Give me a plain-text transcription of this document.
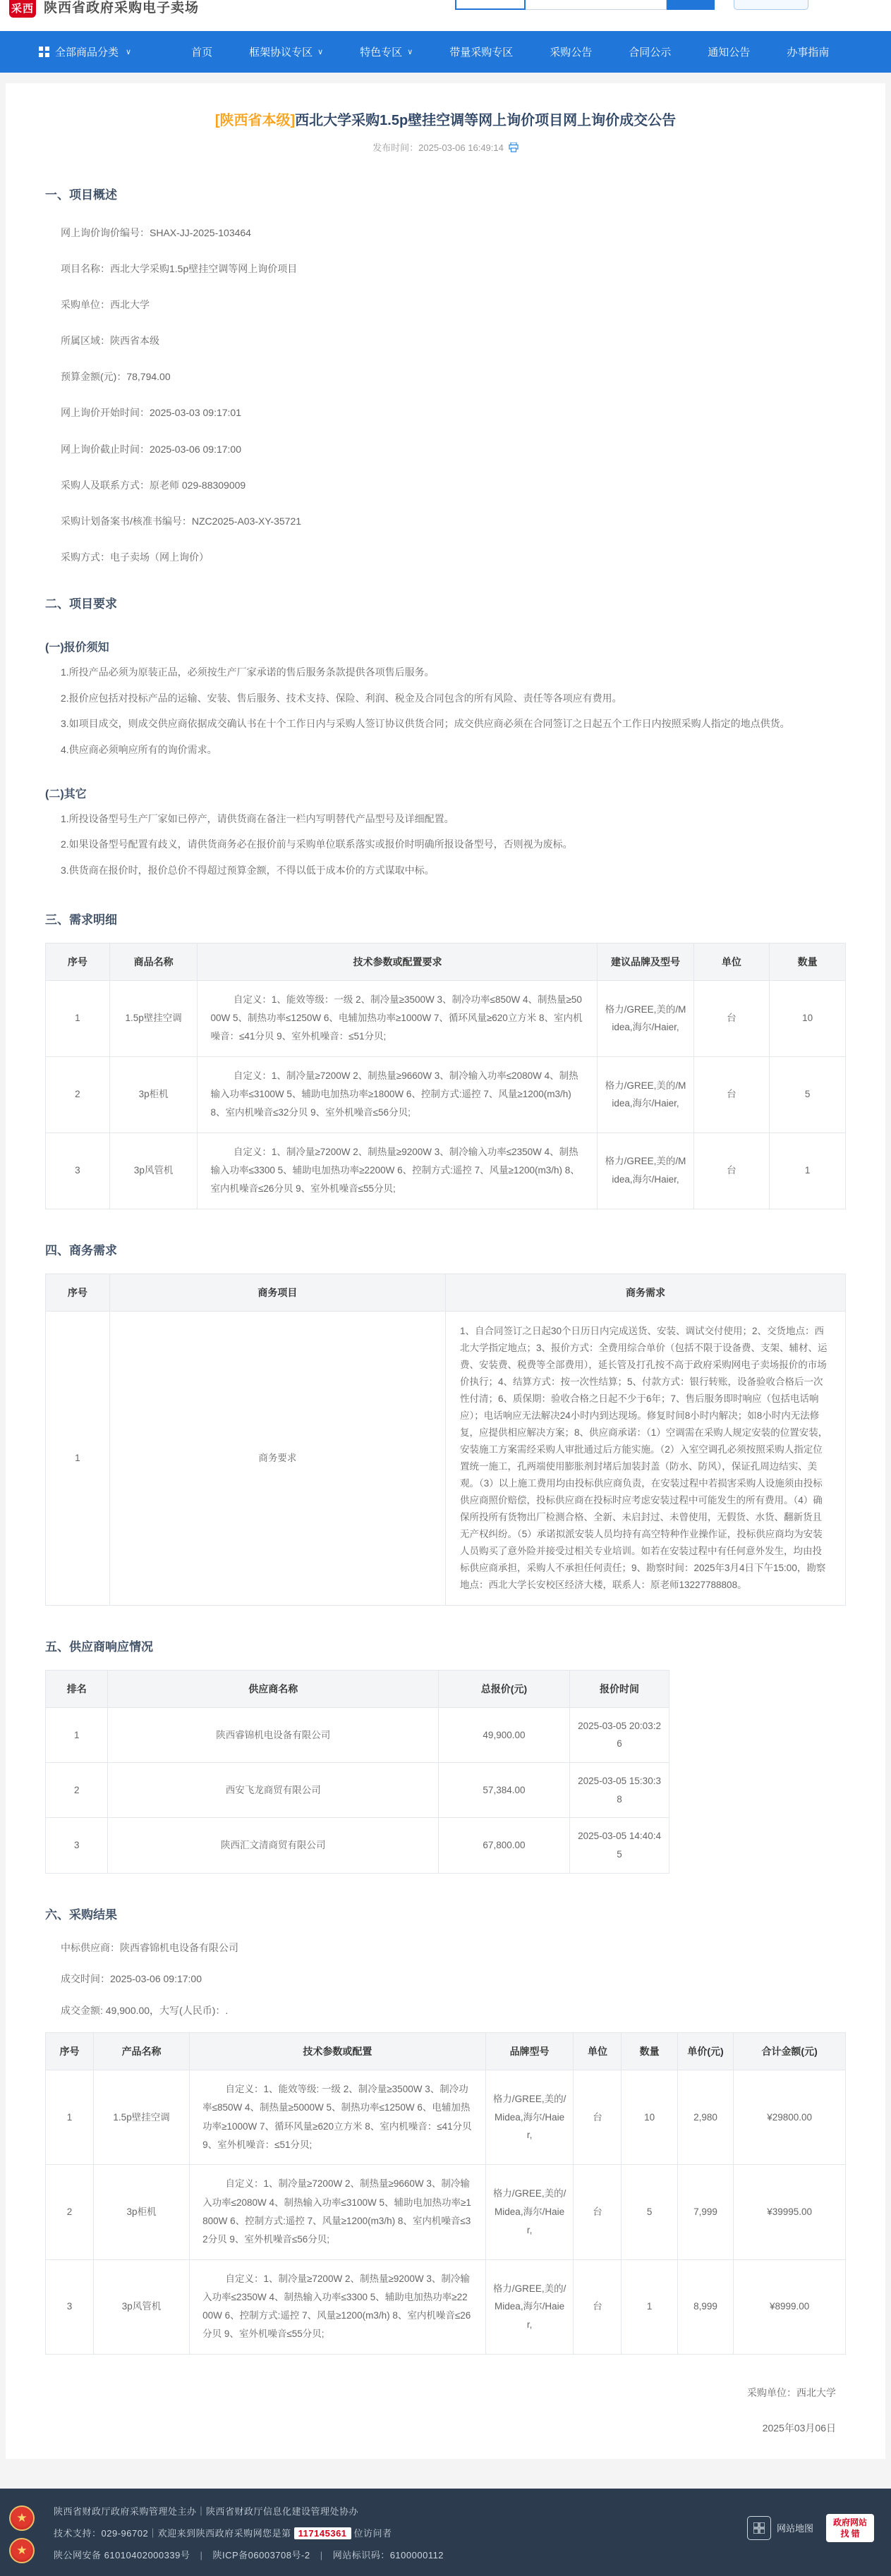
采西 陕西省政府采购电子卖场
全部商品分类 ∨	首页	框架协议专区 ∨	特色专区 ∨	带量采购专区	采购公告	合同公示	通知公告	办事指南
[陕西省本级]西北大学采购1.5p壁挂空调等网上询价项目网上询价成交公告
发布时间：2025-03-06 16:49:14
一、项目概述
网上询价询价编号：SHAX-JJ-2025-103464
项目名称：西北大学采购1.5p壁挂空调等网上询价项目
采购单位：西北大学
所属区域：陕西省本级
预算金额(元)：78,794.00
网上询价开始时间：2025-03-03 09:17:01
网上询价截止时间：2025-03-06 09:17:00
采购人及联系方式：原老师 029-88309009
采购计划备案书/核准书编号：NZC2025-A03-XY-35721
采购方式：电子卖场（网上询价）
二、项目要求
(一)报价须知
1.所投产品必须为原装正品，必须按生产厂家承诺的售后服务条款提供各项售后服务。
2.报价应包括对投标产品的运输、安装、售后服务、技术支持、保险、利润、税金及合同包含的所有风险、责任等各项应有费用。
3.如项目成交，则成交供应商依据成交确认书在十个工作日内与采购人签订协议供货合同；成交供应商必须在合同签订之日起五个工作日内按照采购人指定的地点供货。
4.供应商必须响应所有的询价需求。
(二)其它
1.所投设备型号生产厂家如已停产，请供货商在备注一栏内写明替代产品型号及详细配置。
2.如果设备型号配置有歧义，请供货商务必在报价前与采购单位联系落实或报价时明确所报设备型号，否则视为废标。
3.供货商在报价时，报价总价不得超过预算金额，不得以低于成本价的方式谋取中标。
三、需求明细
序号	商品名称	技术参数或配置要求	建议品牌及型号	单位	数量
1	1.5p壁挂空调	自定义：1、能效等级：一级 2、制冷量≥3500W 3、制冷功率≤850W 4、制热量≥5000W 5、制热功率≤1250W 6、电辅加热功率≥1000W 7、循环风量≥620立方米 8、室内机噪音：≤41分贝 9、室外机噪音：≤51分贝;	格力/GREE,美的/Midea,海尔/Haier,	台	10
2	3p柜机	自定义：1、制冷量≥7200W 2、制热量≥9660W 3、制冷输入功率≤2080W 4、制热输入功率≤3100W 5、辅助电加热功率≥1800W 6、控制方式:遥控 7、风量≥1200(m3/h) 8、室内机噪音≤32分贝 9、室外机噪音≤56分贝;	格力/GREE,美的/Midea,海尔/Haier,	台	5
3	3p风管机	自定义：1、制冷量≥7200W 2、制热量≥9200W 3、制冷输入功率≤2350W 4、制热输入功率≤3300 5、辅助电加热功率≥2200W 6、控制方式:遥控 7、风量≥1200(m3/h) 8、室内机噪音≤26分贝 9、室外机噪音≤55分贝;	格力/GREE,美的/Midea,海尔/Haier,	台	1
四、商务需求
序号	商务项目	商务需求
1	商务要求	1、自合同签订之日起30个日历日内完成送货、安装、调试交付使用；2、交货地点：西北大学指定地点；3、报价方式：全费用综合单价（包括不限于设备费、支架、辅材、运费、安装费、税费等全部费用），延长管及打孔按不高于政府采购网电子卖场报价的市场价执行；4、结算方式：按一次性结算；5、付款方式：银行转账，设备验收合格后一次性付清；6、质保期：验收合格之日起不少于6年；7、售后服务即时响应（包括电话响应）；电话响应无法解决24小时内到达现场。修复时间8小时内解决；如8小时内无法修复，应提供相应解决方案；8、供应商承诺：（1）空调需在采购人规定安装的位置安装，安装施工方案需经采购人审批通过后方能实施。（2）入室空调孔必须按照采购人指定位置统一施工，孔两端使用膨胀剂封堵后加装封盖（防水、防风），保证孔周边结实、美观。（3）以上施工费用均由投标供应商负责，在安装过程中若损害采购人设施须由投标供应商照价赔偿，投标供应商在投标时应考虑安装过程中可能发生的所有费用。（4）确保所投所有货物出厂检测合格、全新、未启封过、未曾使用，无假货、水货、翻新货且无产权纠纷。（5）承诺拟派安装人员均持有高空特种作业操作证，投标供应商均为安装人员购买了意外险并接受过相关专业培训。如若在安装过程中有任何意外发生，均由投标供应商承担，采购人不承担任何责任；9、勘察时间：2025年3月4日下午15:00，勘察地点：西北大学长安校区经济大楼，联系人：原老师13227788808。
五、供应商响应情况
排名	供应商名称	总报价(元)	报价时间
1	陕西睿锦机电设备有限公司	49,900.00	2025-03-05 20:03:26
2	西安飞龙商贸有限公司	57,384.00	2025-03-05 15:30:38
3	陕西汇文清商贸有限公司	67,800.00	2025-03-05 14:40:45
六、采购结果
中标供应商：陕西睿锦机电设备有限公司
成交时间：2025-03-06 09:17:00
成交金额: 49,900.00，大写(人民币)：.
序号	产品名称	技术参数或配置	品牌型号	单位	数量	单价(元)	合计金额(元)
1	1.5p壁挂空调	自定义：1、能效等级: 一级 2、制冷量≥3500W 3、制冷功率≤850W 4、制热量≥5000W 5、制热功率≤1250W 6、电辅加热功率≥1000W 7、循环风量≥620立方米 8、室内机噪音：≤41分贝 9、室外机噪音：≤51分贝;	格力/GREE,美的/Midea,海尔/Haier,	台	10	2,980	¥29800.00
2	3p柜机	自定义：1、制冷量≥7200W 2、制热量≥9660W 3、制冷输入功率≤2080W 4、制热输入功率≤3100W 5、辅助电加热功率≥1800W 6、控制方式:遥控 7、风量≥1200(m3/h) 8、室内机噪音≤32分贝 9、室外机噪音≤56分贝;	格力/GREE,美的/Midea,海尔/Haier,	台	5	7,999	¥39995.00
3	3p风管机	自定义：1、制冷量≥7200W 2、制热量≥9200W 3、制冷输入功率≤2350W 4、制热输入功率≤3300 5、辅助电加热功率≥2200W 6、控制方式:遥控 7、风量≥1200(m3/h) 8、室内机噪音≤26分贝 9、室外机噪音≤55分贝;	格力/GREE,美的/Midea,海尔/Haier,	台	1	8,999	¥8999.00
采购单位：西北大学
2025年03月06日
★
★
陕西省财政厅政府采购管理处主办｜陕西省财政厅信息化建设管理处协办
技术支持：029-96702｜欢迎来到陕西政府采购网您是第 117145361 位访问者
陕公网安备 61010402000339号 | 陕ICP备06003708号-2 | 网站标识码：6100000112
网站地图
政府网站
找 错
